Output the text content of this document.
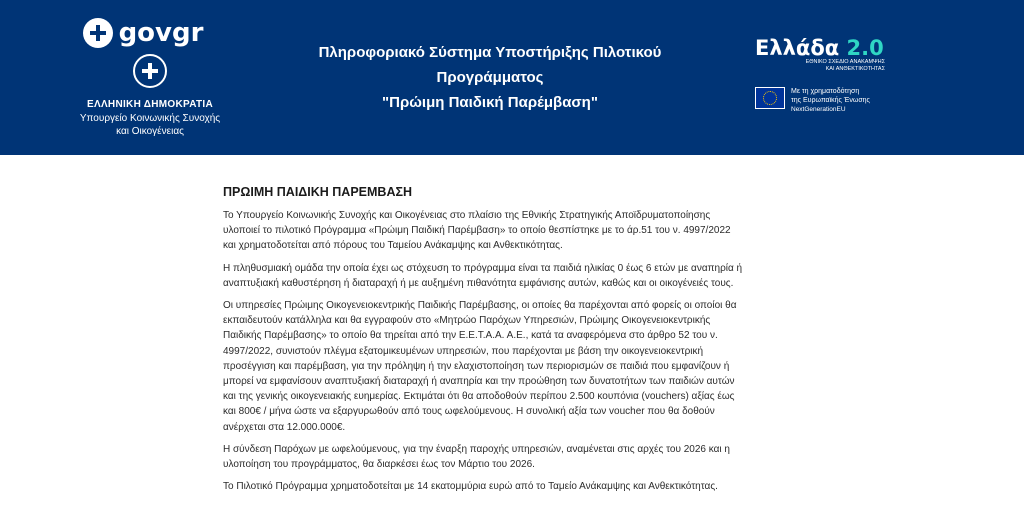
govgr
ΕΛΛΗΝΙΚΗ ΔΗΜΟΚΡΑΤΙΑ
Υπουργείο Κοινωνικής Συνοχής
και Οικογένειας
Πληροφοριακό Σύστημα Υποστήριξης Πιλοτικού
Προγράμματος
"Πρώιμη Παιδική Παρέμβαση"
Ελλάδα 2.0
ΕΘΝΙΚΟ ΣΧΕΔΙΟ ΑΝΑΚΑΜΨΗΣ
ΚΑΙ ΑΝΘΕΚΤΙΚΟΤΗΤΑΣ
Με τη χρηματοδότηση
της Ευρωπαϊκής Ένωσης
NextGenerationEU
ΠΡΩΙΜΗ ΠΑΙΔΙΚΗ ΠΑΡΕΜΒΑΣΗ

Το Υπουργείο Κοινωνικής Συνοχής και Οικογένειας στο πλαίσιο της Εθνικής Στρατηγικής Αποϊδρυματοποίησης υλοποιεί το πιλοτικό Πρόγραμμα «Πρώιμη Παιδική Παρέμβαση» το οποίο θεσπίστηκε με το άρ.51 του ν. 4997/2022 και χρηματοδοτείται από πόρους του Ταμείου Ανάκαμψης και Ανθεκτικότητας.

Η πληθυσμιακή ομάδα την οποία έχει ως στόχευση το πρόγραμμα είναι τα παιδιά ηλικίας 0 έως 6 ετών με αναπηρία ή αναπτυξιακή καθυστέρηση ή διαταραχή ή με αυξημένη πιθανότητα εμφάνισης αυτών, καθώς και οι οικογένειές τους.

Οι υπηρεσίες Πρώιμης Οικογενειοκεντρικής Παιδικής Παρέμβασης, οι οποίες θα παρέχονται από φορείς οι οποίοι θα εκπαιδευτούν κατάλληλα και θα εγγραφούν στο «Μητρώο Παρόχων Υπηρεσιών, Πρώιμης Οικογενειοκεντρικής Παιδικής Παρέμβασης» το οποίο θα τηρείται από την Ε.Ε.Τ.Α.Α. Α.Ε., κατά τα αναφερόμενα στο άρθρο 52 του ν. 4997/2022, συνιστούν πλέγμα εξατομικευμένων υπηρεσιών, που παρέχονται με βάση την οικογενειοκεντρική προσέγγιση και παρέμβαση, για την πρόληψη ή την ελαχιστοποίηση των περιορισμών σε παιδιά που εμφανίζουν ή μπορεί να εμφανίσουν αναπτυξιακή διαταραχή ή αναπηρία και την προώθηση των δυνατοτήτων των παιδιών αυτών και της γενικής οικογενειακής ευημερίας. Εκτιμάται ότι θα αποδοθούν περίπου 2.500 κουπόνια (vouchers) αξίας έως και 800€ / μήνα ώστε να εξαργυρωθούν από τους ωφελούμενους. Η συνολική αξία των voucher που θα δοθούν ανέρχεται στα 12.000.000€.

Η σύνδεση Παρόχων με ωφελούμενους, για την έναρξη παροχής υπηρεσιών, αναμένεται στις αρχές του 2026 και η υλοποίηση του προγράμματος, θα διαρκέσει έως τον Μάρτιο του 2026.

Το Πιλοτικό Πρόγραμμα χρηματοδοτείται με 14 εκατομμύρια ευρώ από το Ταμείο Ανάκαμψης και Ανθεκτικότητας.
